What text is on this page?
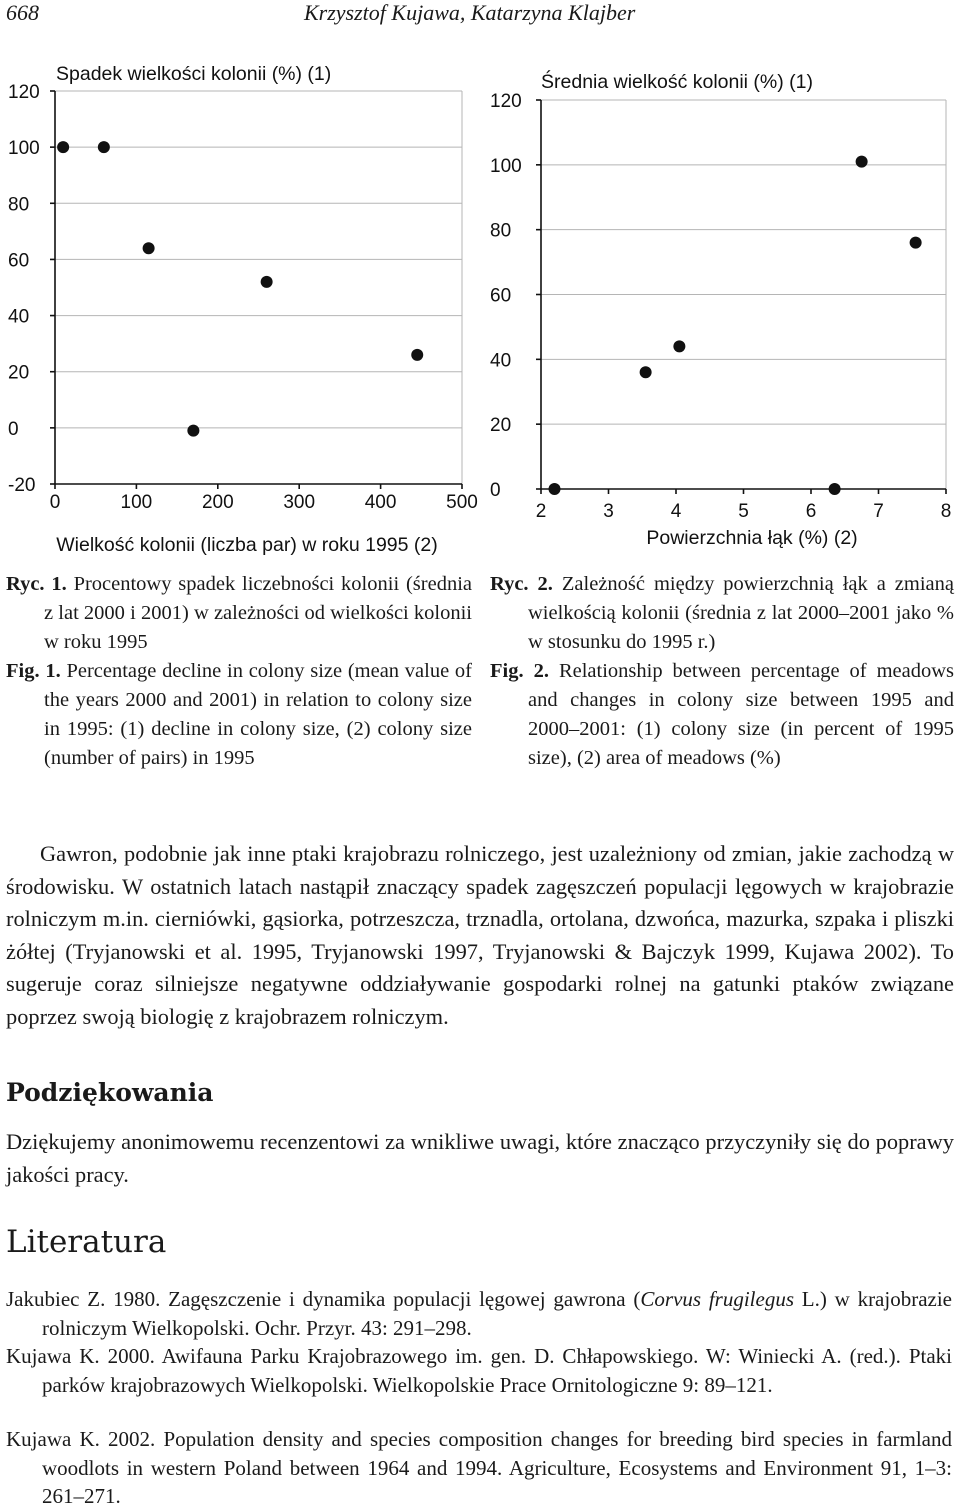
668	Krzysztof Kujawa, Katarzyna Klajber
120
100
80
60
40
20
0
-20
0	100	200	300	400	500
Spadek wielkości kolonii (%) (1)
Wielkość kolonii (liczba par) w roku 1995 (2)
120
100
80
60
40
20
0
2	3	4	5	6	7	8
Średnia wielkość kolonii (%) (1)
Powierzchnia łąk (%) (2)
Ryc. 1. Procentowy spadek liczebności kolonii (średnia z lat 2000 i 2001) w zależności od wielkości kolonii w roku 1995
Fig. 1. Percentage decline in colony size (mean value of the years 2000 and 2001) in relation to colony size in 1995: (1) decline in colony size, (2) colony size (number of pairs) in 1995
Ryc. 2. Zależność między powierzchnią łąk a zmianą wielkością kolonii (średnia z lat 2000–2001 jako % w stosunku do 1995 r.)
Fig. 2. Relationship between percentage of meadows and changes in colony size between 1995 and 2000–2001: (1) colony size (in percent of 1995 size), (2) area of meadows (%)
Gawron, podobnie jak inne ptaki krajobrazu rolniczego, jest uzależniony od zmian, jakie zachodzą w środowisku. W ostatnich latach nastąpił znaczący spadek zagęszczeń populacji lęgowych w krajobrazie rolniczym m.in. cierniówki, gąsiorka, potrzeszcza, trznadla, ortolana, dzwońca, mazurka, szpaka i pliszki żółtej (Tryjanowski et al. 1995, Tryjanowski 1997, Tryjanowski & Bajczyk 1999, Kujawa 2002). To sugeruje coraz silniejsze negatywne oddziaływanie gospodarki rolnej na gatunki ptaków związane poprzez swoją biologię z krajobrazem rolniczym.
Podziękowania
Dziękujemy anonimowemu recenzentowi za wnikliwe uwagi, które znacząco przyczyniły się do poprawy jakości pracy.
Literatura
Jakubiec Z. 1980. Zagęszczenie i dynamika populacji lęgowej gawrona (Corvus frugilegus L.) w krajobrazie rolniczym Wielkopolski. Ochr. Przyr. 43: 291–298.
Kujawa K. 2000. Awifauna Parku Krajobrazowego im. gen. D. Chłapowskiego. W: Winiecki A. (red.). Ptaki parków krajobrazowych Wielkopolski. Wielkopolskie Prace Ornitologiczne 9: 89–121.
Kujawa K. 2002. Population density and species composition changes for breeding bird species in farmland woodlots in western Poland between 1964 and 1994. Agriculture, Ecosystems and Environment 91, 1–3: 261–271.
